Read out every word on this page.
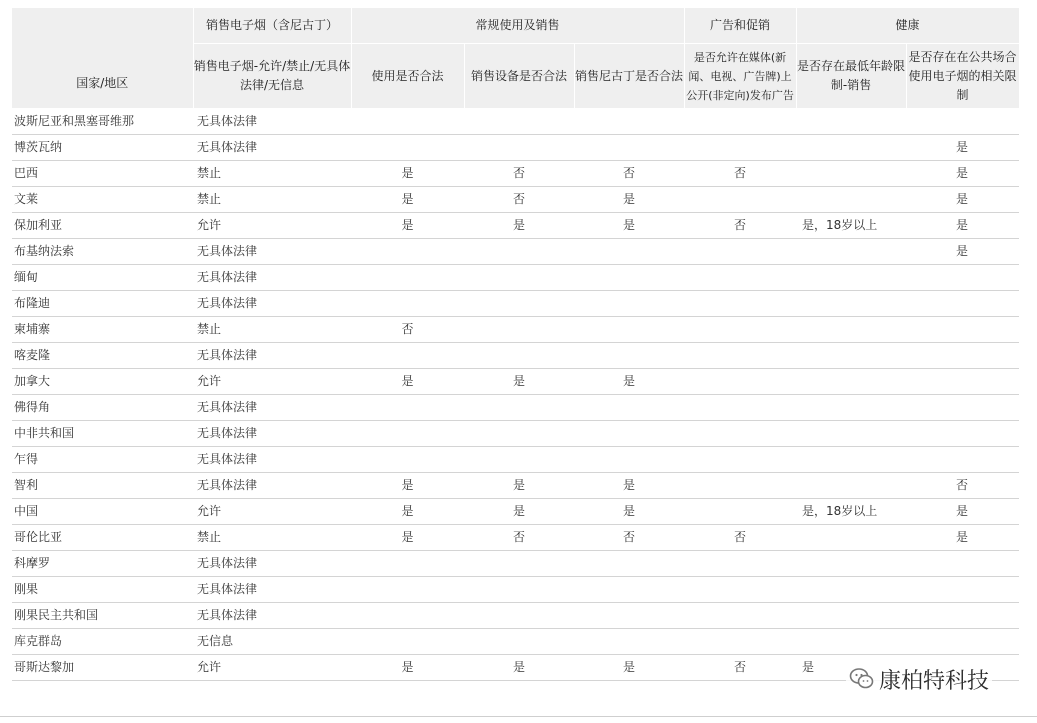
国家/地区	销售电子烟（含尼古丁）	常规使用及销售			广告和促销	健康	
	销售电子烟-允许/禁止/无具体法律/无信息	使用是否合法	销售设备是否合法	销售尼古丁是否合法	是否允许在媒体(新闻、电视、广告牌)上公开(非定向)发布广告	是否存在最低年龄限制-销售	是否存在在公共场合使用电子烟的相关限制
波斯尼亚和黑塞哥维那	无具体法律						
博茨瓦纳	无具体法律						是
巴西	禁止	是	否	否	否		是
文莱	禁止	是	否	是			是
保加利亚	允许	是	是	是	否	是，18岁以上	是
布基纳法索	无具体法律						是
缅甸	无具体法律						
布隆迪	无具体法律						
柬埔寨	禁止	否					
喀麦隆	无具体法律						
加拿大	允许	是	是	是			
佛得角	无具体法律						
中非共和国	无具体法律						
乍得	无具体法律						
智利	无具体法律	是	是	是			否
中国	允许	是	是	是		是，18岁以上	是
哥伦比亚	禁止	是	否	否	否		是
科摩罗	无具体法律						
刚果	无具体法律						
刚果民主共和国	无具体法律						
库克群岛	无信息						
哥斯达黎加	允许	是	是	是	否	是	
康柏特科技
